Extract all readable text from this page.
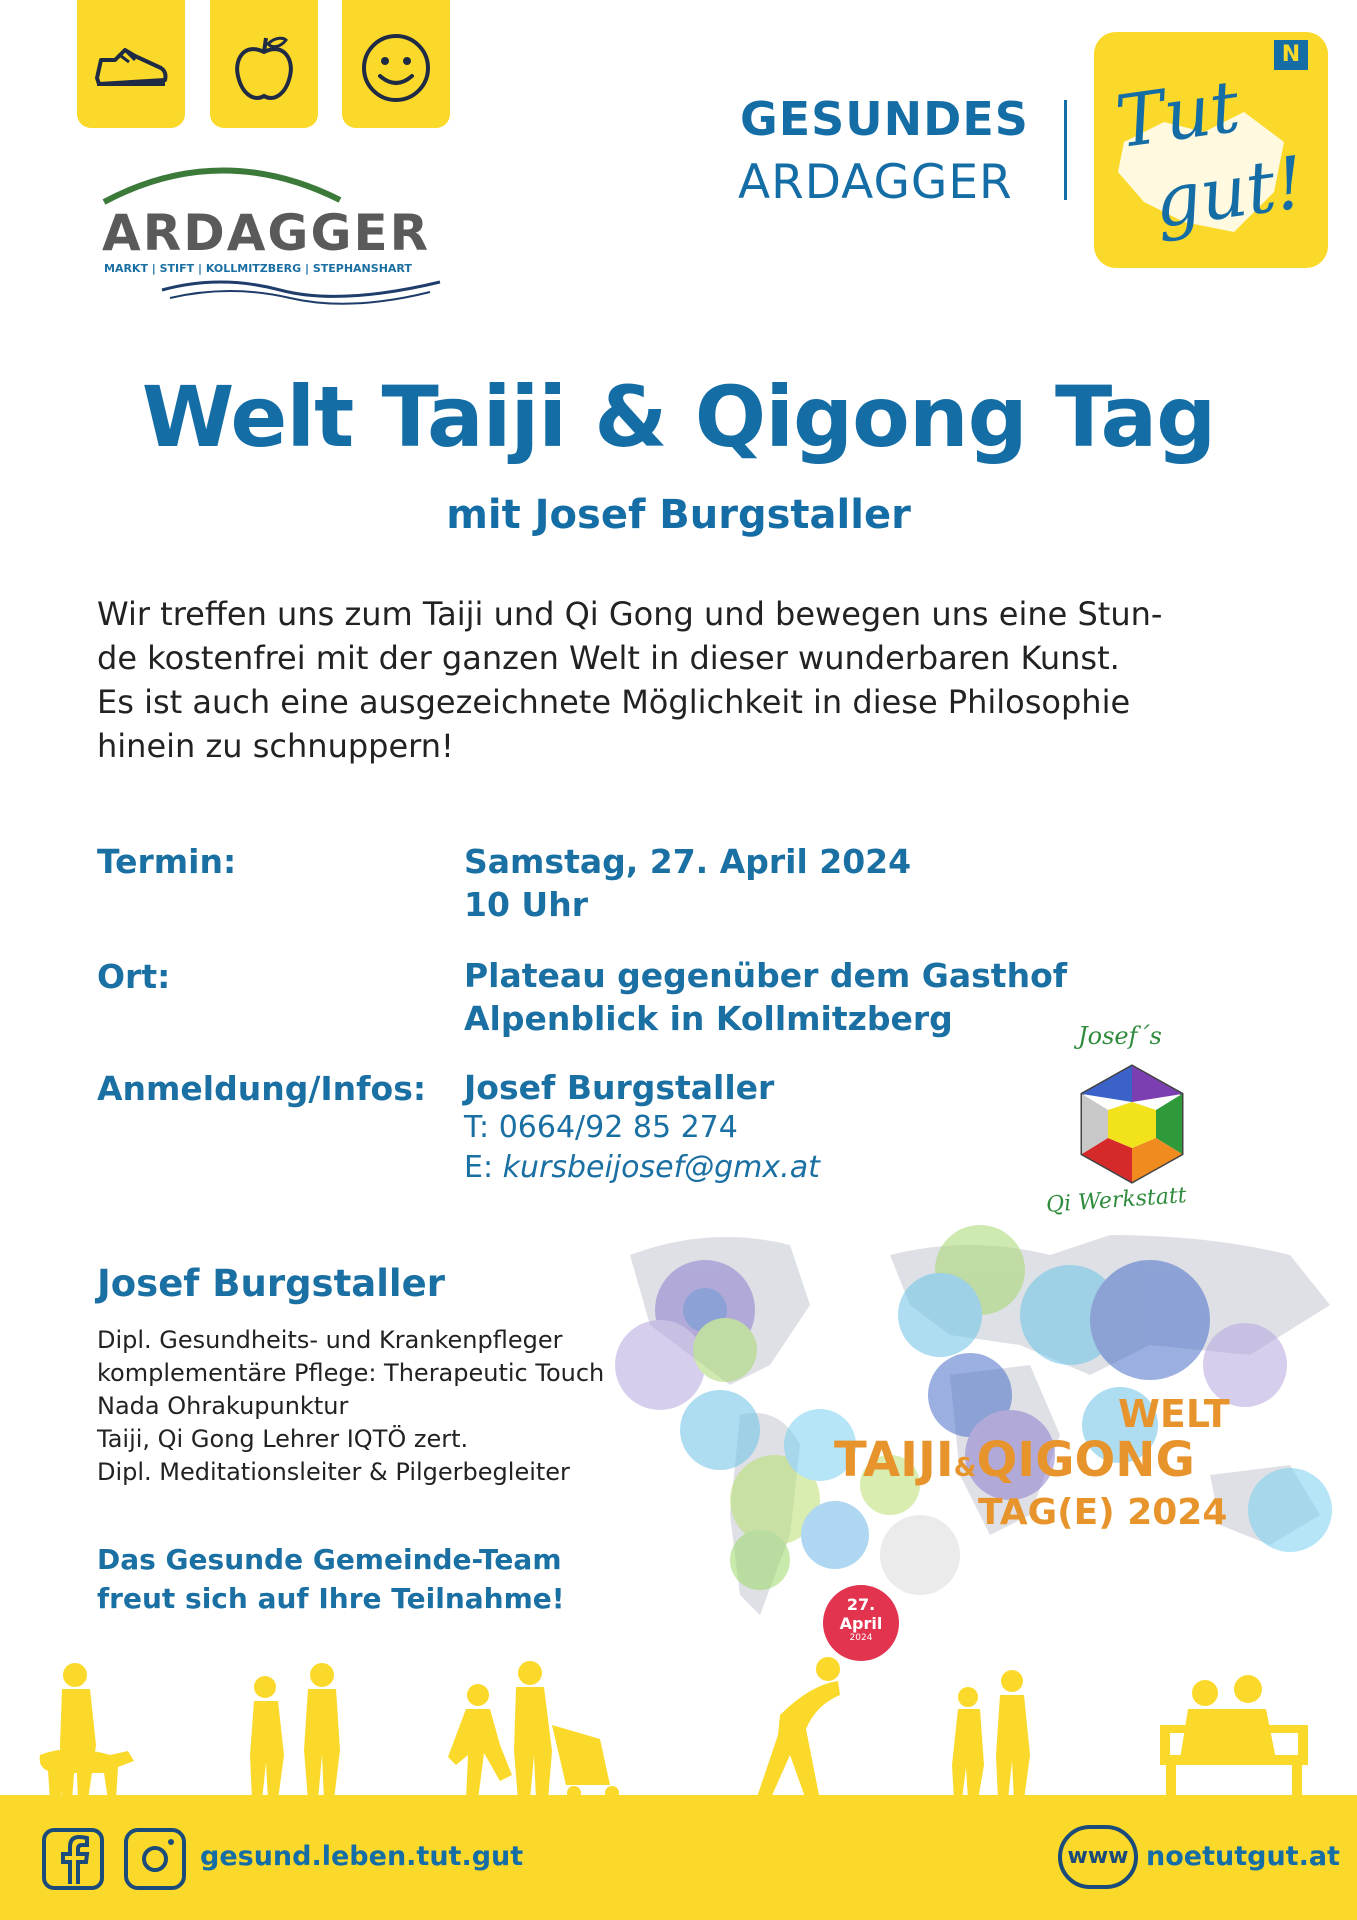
ARDAGGER
MARKT | STIFT | KOLLMITZBERG | STEPHANSHART
GESUNDES
ARDAGGER
N
Tut
gut!
Welt Taiji & Qigong Tag
mit Josef Burgstaller
Wir treffen uns zum Taiji und Qi Gong und bewegen uns eine Stun-
de kostenfrei mit der ganzen Welt in dieser wunderbaren Kunst.
Es ist auch eine ausgezeichnete Möglichkeit in diese Philosophie
hinein zu schnuppern!
Termin:	Samstag, 27. April 2024
10 Uhr
Ort:	Plateau gegenüber dem Gasthof
Alpenblick in Kollmitzberg
Anmeldung/Infos: Josef Burgstaller
T: 0664/92 85 274
E: kursbeijosef@gmx.at
Josef´s
Qi Werkstatt
WELT
TAIJI&QIGONG
TAG(E) 2024
27.
April
2024
Josef Burgstaller
Dipl. Gesundheits- und Krankenpfleger
komplementäre Pflege: Therapeutic Touch
Nada Ohrakupunktur
Taiji, Qi Gong Lehrer IQTÖ zert.
Dipl. Meditationsleiter & Pilgerbegleiter
Das Gesunde Gemeinde-Team
freut sich auf Ihre Teilnahme!
gesund.leben.tut.gut	www noetutgut.at
